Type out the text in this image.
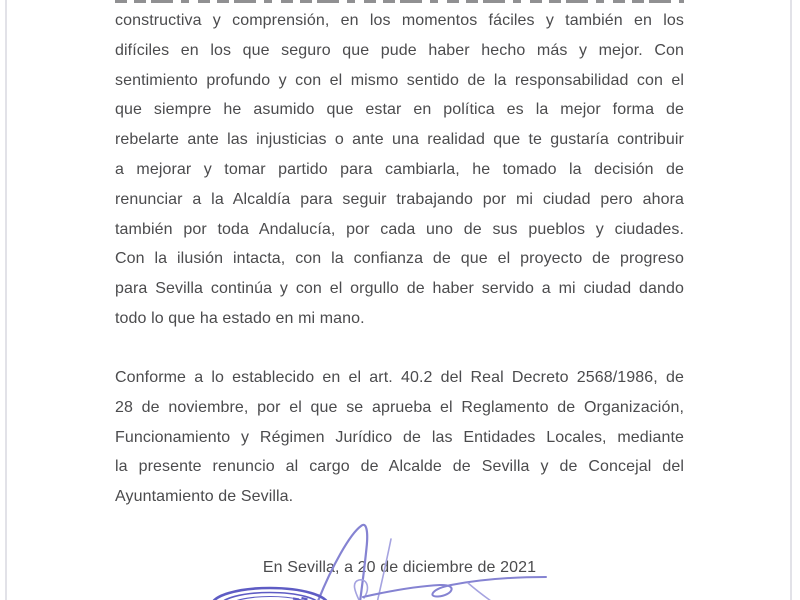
constructiva y comprensión, en los momentos fáciles y también en los
difíciles en los que seguro que pude haber hecho más y mejor. Con
sentimiento profundo y con el mismo sentido de la responsabilidad con el
que siempre he asumido que estar en política es la mejor forma de
rebelarte ante las injusticias o ante una realidad que te gustaría contribuir
a mejorar y tomar partido para cambiarla, he tomado la decisión de
renunciar a la Alcaldía para seguir trabajando por mi ciudad pero ahora
también por toda Andalucía, por cada uno de sus pueblos y ciudades.
Con la ilusión intacta, con la confianza de que el proyecto de progreso
para Sevilla continúa y con el orgullo de haber servido a mi ciudad dando
todo lo que ha estado en mi mano.
Conforme a lo establecido en el art. 40.2 del Real Decreto 2568/1986, de
28 de noviembre, por el que se aprueba el Reglamento de Organización,
Funcionamiento y Régimen Jurídico de las Entidades Locales, mediante
la presente renuncio al cargo de Alcalde de Sevilla y de Concejal del
Ayuntamiento de Sevilla.
En Sevilla, a 20 de diciembre de 2021
